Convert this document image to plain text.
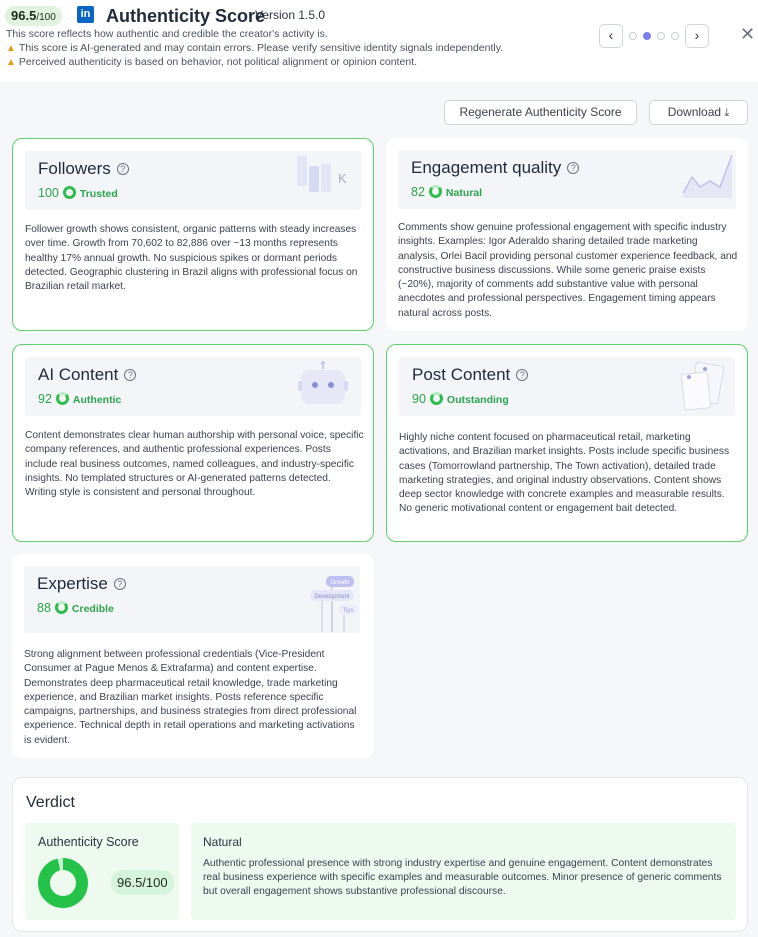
96.5/100	in Authenticity Score
Version 1.5.0
This score reflects how authentic and credible the creator's activity is.
▲ This score is AI-generated and may contain errors. Please verify sensitive identity signals independently.
▲ Perceived authenticity is based on behavior, not political alignment or opinion content.
‹	›	✕
Regenerate Authenticity Score	Download ⤓
Followers ?
100 Trusted
K
Follower growth shows consistent, organic patterns with steady increases over time. Growth from 70,602 to 82,886 over ~13 months represents healthy 17% annual growth. No suspicious spikes or dormant periods detected. Geographic clustering in Brazil aligns with professional focus on Brazilian retail market.
Engagement quality ?
82 Natural
Comments show genuine professional engagement with specific industry insights. Examples: Igor Aderaldo sharing detailed trade marketing analysis, Orlei Bacil providing personal customer experience feedback, and constructive business discussions. While some generic praise exists (~20%), majority of comments add substantive value with personal anecdotes and professional perspectives. Engagement timing appears natural across posts.
AI Content ?
92 Authentic
Content demonstrates clear human authorship with personal voice, specific company references, and authentic professional experiences. Posts include real business outcomes, named colleagues, and industry-specific insights. No templated structures or AI-generated patterns detected. Writing style is consistent and personal throughout.
Post Content ?
90 Outstanding
Highly niche content focused on pharmaceutical retail, marketing activations, and Brazilian market insights. Posts include specific business cases (Tomorrowland partnership, The Town activation), detailed trade marketing strategies, and original industry observations. Content shows deep sector knowledge with concrete examples and measurable results. No generic motivational content or engagement bait detected.
Expertise ?
88 Credible
Growth
Development
Tips
Strong alignment between professional credentials (Vice-President Consumer at Pague Menos & Extrafarma) and content expertise. Demonstrates deep pharmaceutical retail knowledge, trade marketing experience, and Brazilian market insights. Posts reference specific campaigns, partnerships, and business strategies from direct professional experience. Technical depth in retail operations and marketing activations is evident.
Verdict
Authenticity Score
96.5/100
Natural
Authentic professional presence with strong industry expertise and genuine engagement. Content demonstrates real business experience with specific examples and measurable outcomes. Minor presence of generic comments but overall engagement shows substantive professional discourse.
